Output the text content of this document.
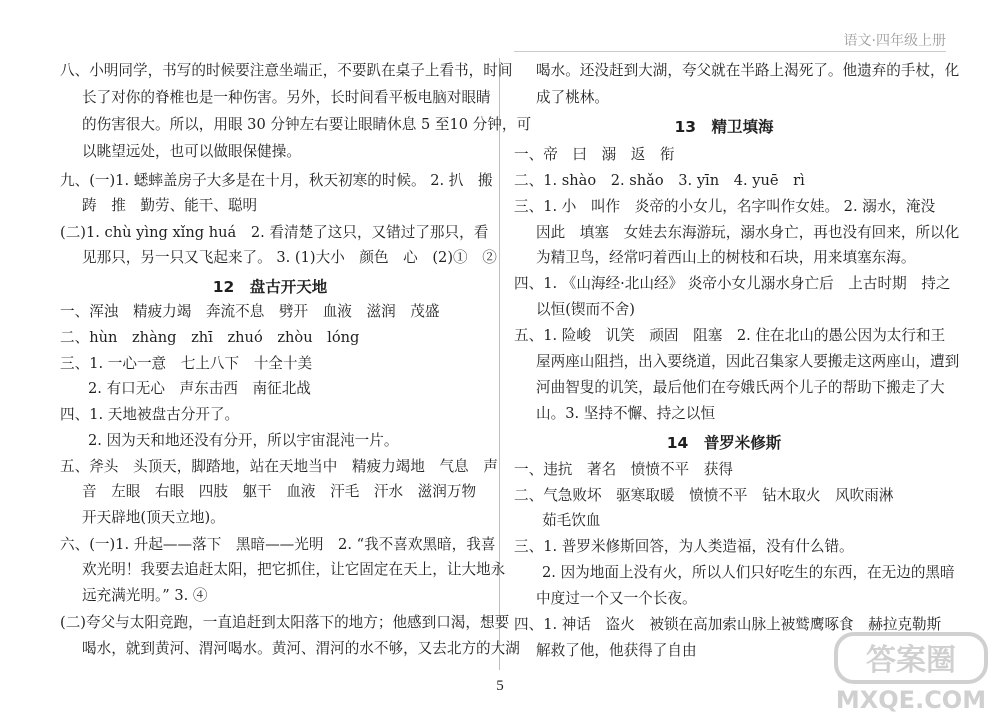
语文·四年级上册
八、小明同学，书写的时候要注意坐端正，不要趴在桌子上看书，时间
长了对你的脊椎也是一种伤害。另外，长时间看平板电脑对眼睛
的伤害很大。所以，用眼 30 分钟左右要让眼睛休息 5 至10 分钟，可
以眺望远处，也可以做眼保健操。
九、(一)1. 蟋蟀盖房子大多是在十月，秋天初寒的时候。 2. 扒　搬
踌　推　勤劳、能干、聪明
(二)1. chù yìng xǐng huá　2. 看清楚了这只，又错过了那只，看
见那只，另一只又飞起来了。 3. (1)大小　颜色　心　(2)①　②
12　盘古开天地
一、浑浊　精疲力竭　奔流不息　劈开　血液　滋润　茂盛
二、hùn　zhàng　zhī　zhuó　zhòu　lóng
三、1. 一心一意　七上八下　十全十美
2. 有口无心　声东击西　南征北战
四、1. 天地被盘古分开了。
2. 因为天和地还没有分开，所以宇宙混沌一片。
五、斧头　头顶天，脚踏地，站在天地当中　精疲力竭地　气息　声
音　左眼　右眼　四肢　躯干　血液　汗毛　汗水　滋润万物
开天辟地(顶天立地)。
六、(一)1. 升起——落下　黑暗——光明　2. “我不喜欢黑暗，我喜
欢光明！我要去追赶太阳，把它抓住，让它固定在天上，让大地永
远充满光明。” 3. ④
(二)夸父与太阳竞跑，一直追赶到太阳落下的地方；他感到口渴，想要
喝水，就到黄河、渭河喝水。黄河、渭河的水不够，又去北方的大湖
喝水。还没赶到大湖，夸父就在半路上渴死了。他遗弃的手杖，化
成了桃林。
13　精卫填海
一、帝　曰　溺　返　衔
二、1. shào　2. shǎo　3. yīn　4. yuē　rì
三、1. 小　叫作　炎帝的小女儿，名字叫作女娃。 2. 溺水，淹没
因此　填塞　女娃去东海游玩，溺水身亡，再也没有回来，所以化
为精卫鸟，经常叼着西山上的树枝和石块，用来填塞东海。
四、1. 《山海经·北山经》 炎帝小女儿溺水身亡后　上古时期　持之
以恒(锲而不舍)
五、1. 险峻　讥笑　顽固　阻塞　2. 住在北山的愚公因为太行和王
屋两座山阻挡，出入要绕道，因此召集家人要搬走这两座山，遭到
河曲智叟的讥笑，最后他们在夸娥氏两个儿子的帮助下搬走了大
山。3. 坚持不懈、持之以恒
14　普罗米修斯
一、违抗　著名　愤愤不平　获得
二、气急败坏　驱寒取暖　愤愤不平　钻木取火　风吹雨淋
茹毛饮血
三、1. 普罗米修斯回答，为人类造福，没有什么错。
2. 因为地面上没有火，所以人们只好吃生的东西，在无边的黑暗
中度过一个又一个长夜。
四、1. 神话　盗火　被锁在高加索山脉上被鹫鹰啄食　赫拉克勒斯
解救了他，他获得了自由
5
答案圈
MXQE.COM
